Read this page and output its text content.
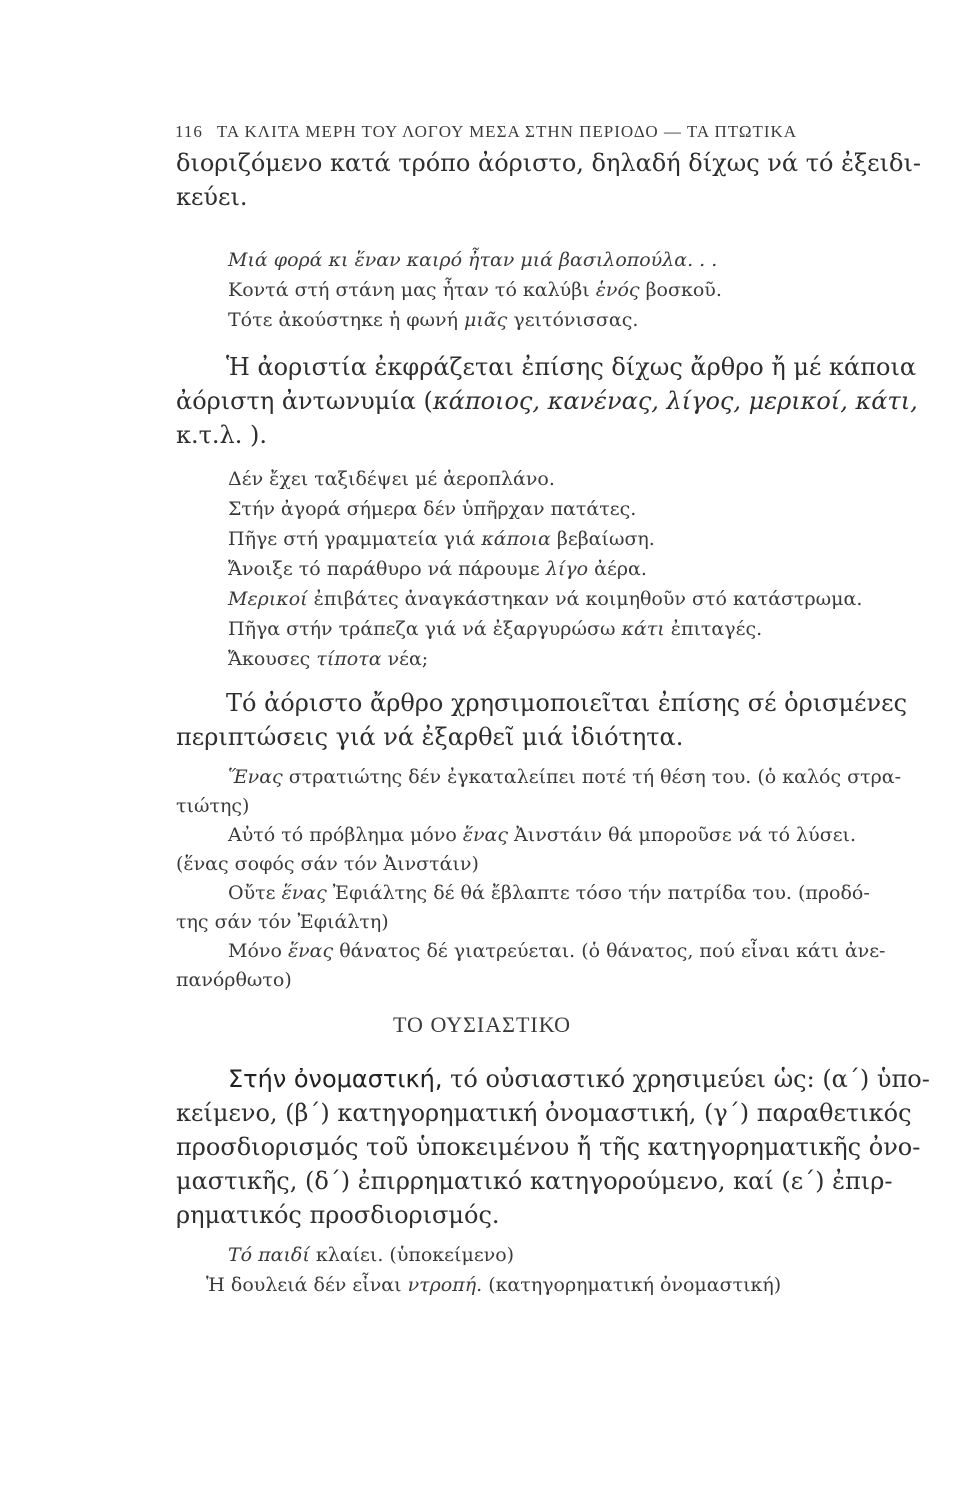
116 ΤΑ ΚΛΙΤΑ ΜΕΡΗ ΤΟΥ ΛΟΓΟΥ ΜΕΣΑ ΣΤΗΝ ΠΕΡΙΟΔΟ — ΤΑ ΠΤΩΤΙΚΑ

διοριζόμενο κατά τρόπο ἀόριστο, δηλαδή δίχως νά τό ἐξειδι-
κεύει.

Μιά φορά κι ἕναν καιρό ἦταν μιά βασιλοπούλα. . .
Κοντά στή στάνη μας ἦταν τό καλύβι ἑνός βοσκοῦ.
Τότε ἀκούστηκε ἡ φωνή μιᾶς γειτόνισσας.

Ἡ ἀοριστία ἐκφράζεται ἐπίσης δίχως ἄρθρο ἤ μέ κάποια
ἀόριστη ἀντωνυμία (κάποιος, κανένας, λίγος, μερικοί, κάτι,
κ.τ.λ. ).

Δέν ἔχει ταξιδέψει μέ ἀεροπλάνο.
Στήν ἀγορά σήμερα δέν ὑπῆρχαν πατάτες.
Πῆγε στή γραμματεία γιά κάποια βεβαίωση.
Ἄνοιξε τό παράθυρο νά πάρουμε λίγο ἀέρα.
Μερικοί ἐπιβάτες ἀναγκάστηκαν νά κοιμηθοῦν στό κατάστρωμα.
Πῆγα στήν τράπεζα γιά νά ἐξαργυρώσω κάτι ἐπιταγές.
Ἄκουσες τίποτα νέα;

Τό ἀόριστο ἄρθρο χρησιμοποιεῖται ἐπίσης σέ ὁρισμένες
περιπτώσεις γιά νά ἐξαρθεῖ μιά ἰδιότητα.

Ἕνας στρατιώτης δέν ἐγκαταλείπει ποτέ τή θέση του. (ὁ καλός στρα-
τιώτης)
Αὐτό τό πρόβλημα μόνο ἕνας Ἀινστάιν θά μποροῦσε νά τό λύσει.
(ἕνας σοφός σάν τόν Ἀινστάιν)
Οὔτε ἕνας Ἐφιάλτης δέ θά ἔβλαπτε τόσο τήν πατρίδα του. (προδό-
της σάν τόν Ἐφιάλτη)
Μόνο ἕνας θάνατος δέ γιατρεύεται. (ὁ θάνατος, πού εἶναι κάτι ἀνε-
πανόρθωτο)
ΤΟ ΟΥΣΙΑΣΤΙΚΟ

Στήν ὀνομαστική, τό οὐσιαστικό χρησιμεύει ὡς: (α΄) ὑπο-
κείμενο, (β΄) κατηγορηματική ὀνομαστική, (γ΄) παραθετικός
προσδιορισμός τοῦ ὑποκειμένου ἤ τῆς κατηγορηματικῆς ὀνο-
μαστικῆς, (δ΄) ἐπιρρηματικό κατηγορούμενο, καί (ε΄) ἐπιρ-
ρηματικός προσδιορισμός.

Τό παιδί κλαίει. (ὑποκείμενο)
Ἡ δουλειά δέν εἶναι ντροπή. (κατηγορηματική ὀνομαστική)
